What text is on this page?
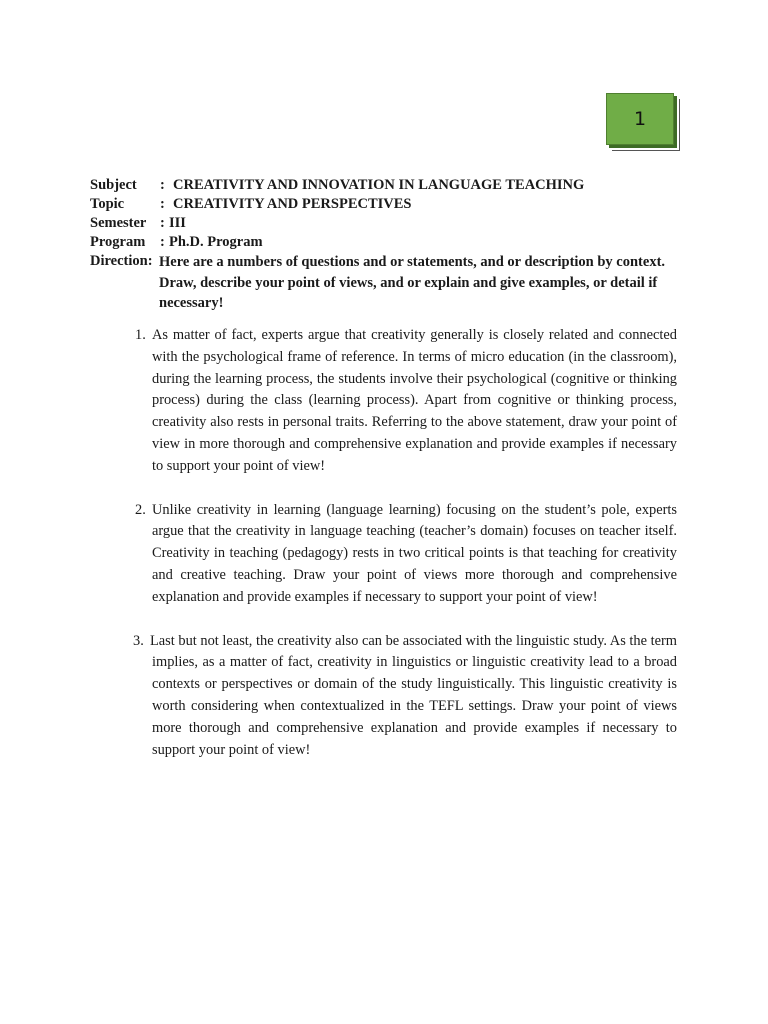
1
Subject	: CREATIVITY AND INNOVATION IN LANGUAGE TEACHING
Topic	: CREATIVITY AND PERSPECTIVES
Semester : III
Program	: Ph.D. Program
Direction: Here are a numbers of questions and or statements, and or description by context. Draw, describe your point of views, and or explain and give examples, or detail if necessary!

1. As matter of fact, experts argue that creativity generally is closely related and connected with the psychological frame of reference. In terms of micro education (in the classroom), during the learning process, the students involve their psychological (cognitive or thinking process) during the class (learning process). Apart from cognitive or thinking process, creativity also rests in personal traits. Referring to the above statement, draw your point of view in more thorough and comprehensive explanation and provide examples if necessary to support your point of view!

2. Unlike creativity in learning (language learning) focusing on the student’s pole, experts argue that the creativity in language teaching (teacher’s domain) focuses on teacher itself. Creativity in teaching (pedagogy) rests in two critical points is that teaching for creativity and creative teaching. Draw your point of views more thorough and comprehensive explanation and provide examples if necessary to support your point of view!

3. Last but not least, the creativity also can be associated with the linguistic study. As the term implies, as a matter of fact, creativity in linguistics or linguistic creativity lead to a broad contexts or perspectives or domain of the study linguistically. This linguistic creativity is worth considering when contextualized in the TEFL settings. Draw your point of views more thorough and comprehensive explanation and provide examples if necessary to support your point of view!
